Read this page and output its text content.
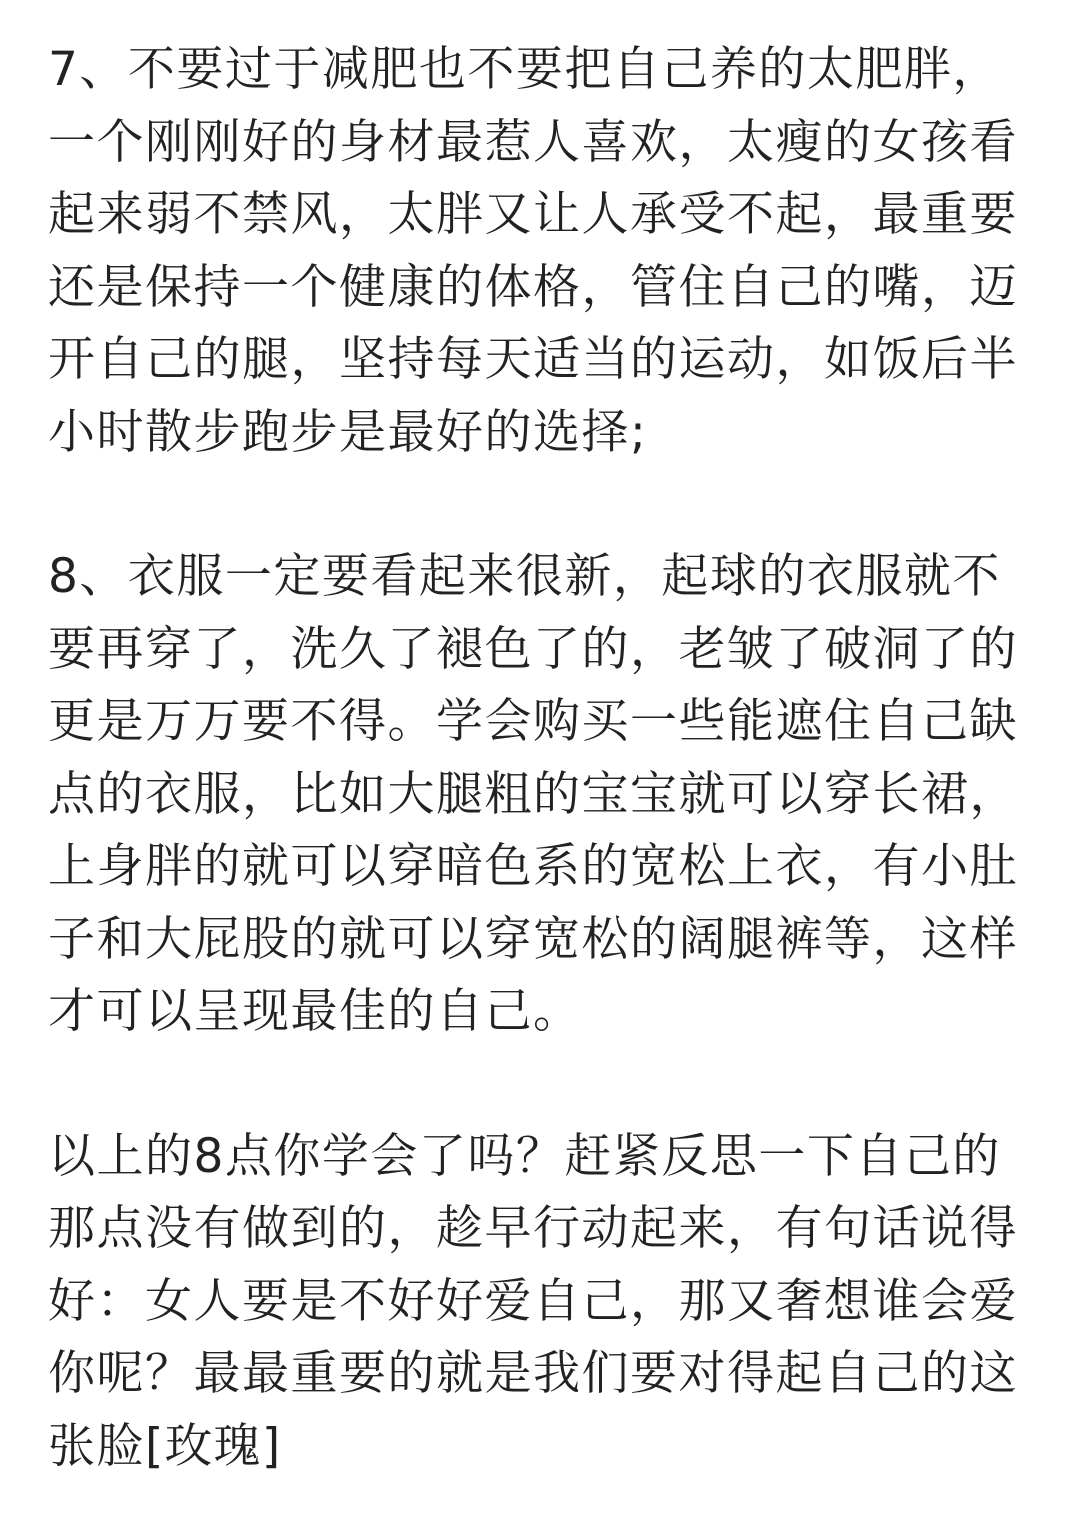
7、不要过于减肥也不要把自己养的太肥胖，一个刚刚好的身材最惹人喜欢，太瘦的女孩看起来弱不禁风，太胖又让人承受不起，最重要还是保持一个健康的体格，管住自己的嘴，迈开自己的腿，坚持每天适当的运动，如饭后半小时散步跑步是最好的选择;

8、衣服一定要看起来很新，起球的衣服就不要再穿了，洗久了褪色了的，老皱了破洞了的更是万万要不得。学会购买一些能遮住自己缺点的衣服，比如大腿粗的宝宝就可以穿长裙，上身胖的就可以穿暗色系的宽松上衣，有小肚子和大屁股的就可以穿宽松的阔腿裤等，这样才可以呈现最佳的自己。

以上的8点你学会了吗？赶紧反思一下自己的那点没有做到的，趁早行动起来，有句话说得好：女人要是不好好爱自己，那又奢想谁会爱你呢？最最重要的就是我们要对得起自己的这张脸[玫瑰]
